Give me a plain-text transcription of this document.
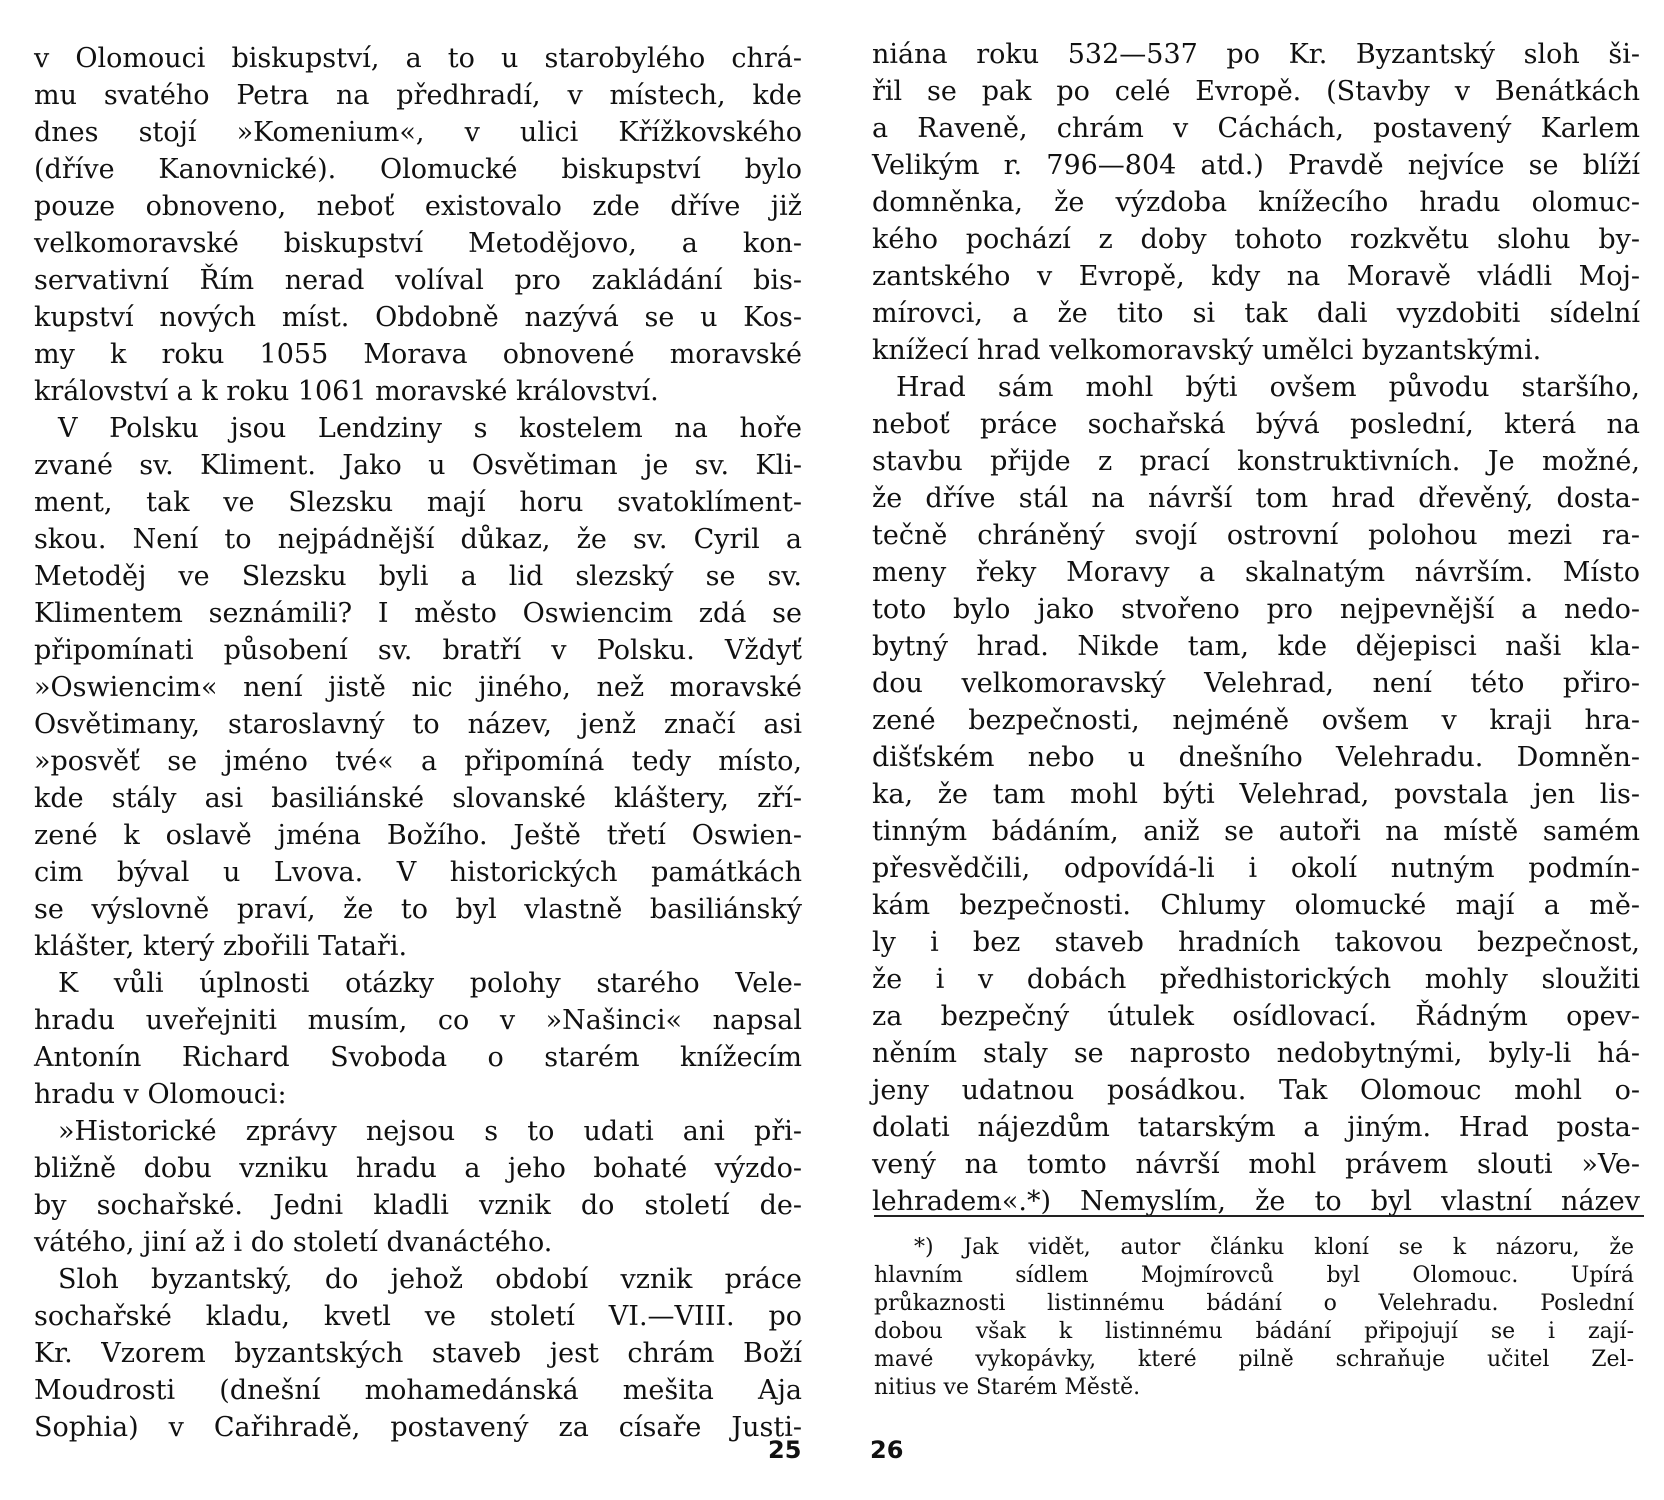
v Olomouci biskupství, a to u starobylého chrá-
mu svatého Petra na předhradí, v místech, kde
dnes stojí »Komenium«, v ulici Křížkovského
(dříve Kanovnické). Olomucké biskupství bylo
pouze obnoveno, neboť existovalo zde dříve již
velkomoravské biskupství Metodějovo, a kon-
servativní Řím nerad volíval pro zakládání bis-
kupství nových míst. Obdobně nazývá se u Kos-
my k roku 1055 Morava obnovené moravské
království a k roku 1061 moravské království.
V Polsku jsou Lendziny s kostelem na hoře
zvané sv. Kliment. Jako u Osvětiman je sv. Kli-
ment, tak ve Slezsku mají horu svatoklíment-
skou. Není to nejpádnější důkaz, že sv. Cyril a
Metoděj ve Slezsku byli a lid slezský se sv.
Klimentem seznámili? I město Oswiencim zdá se
připomínati působení sv. bratří v Polsku. Vždyť
»Oswiencim« není jistě nic jiného, než moravské
Osvětimany, staroslavný to název, jenž značí asi
»posvěť se jméno tvé« a připomíná tedy místo,
kde stály asi basiliánské slovanské kláštery, zří-
zené k oslavě jména Božího. Ještě třetí Oswien-
cim býval u Lvova. V historických památkách
se výslovně praví, že to byl vlastně basiliánský
klášter, který zbořili Tataři.
K vůli úplnosti otázky polohy starého Vele-
hradu uveřejniti musím, co v »Našinci« napsal
Antonín Richard Svoboda o starém knížecím
hradu v Olomouci:
»Historické zprávy nejsou s to udati ani při-
bližně dobu vzniku hradu a jeho bohaté výzdo-
by sochařské. Jedni kladli vznik do století de-
vátého, jiní až i do století dvanáctého.
Sloh byzantský, do jehož období vznik práce
sochařské kladu, kvetl ve století VI.—VIII. po
Kr. Vzorem byzantských staveb jest chrám Boží
Moudrosti (dnešní mohamedánská mešita Aja
Sophia) v Cařihradě, postavený za císaře Justi-
25
niána roku 532—537 po Kr. Byzantský sloh ši-
řil se pak po celé Evropě. (Stavby v Benátkách
a Raveně, chrám v Cáchách, postavený Karlem
Velikým r. 796—804 atd.) Pravdě nejvíce se blíží
domněnka, že výzdoba knížecího hradu olomuc-
kého pochází z doby tohoto rozkvětu slohu by-
zantského v Evropě, kdy na Moravě vládli Moj-
mírovci, a že tito si tak dali vyzdobiti sídelní
knížecí hrad velkomoravský umělci byzantskými.
Hrad sám mohl býti ovšem původu staršího,
neboť práce sochařská bývá poslední, která na
stavbu přijde z prací konstruktivních. Je možné,
že dříve stál na návrší tom hrad dřevěný, dosta-
tečně chráněný svojí ostrovní polohou mezi ra-
meny řeky Moravy a skalnatým návrším. Místo
toto bylo jako stvořeno pro nejpevnější a nedo-
bytný hrad. Nikde tam, kde dějepisci naši kla-
dou velkomoravský Velehrad, není této přiro-
zené bezpečnosti, nejméně ovšem v kraji hra-
dišťském nebo u dnešního Velehradu. Domněn-
ka, že tam mohl býti Velehrad, povstala jen lis-
tinným bádáním, aniž se autoři na místě samém
přesvědčili, odpovídá-li i okolí nutným podmín-
kám bezpečnosti. Chlumy olomucké mají a mě-
ly i bez staveb hradních takovou bezpečnost,
že i v dobách předhistorických mohly sloužiti
za bezpečný útulek osídlovací. Řádným opev-
něním staly se naprosto nedobytnými, byly-li há-
jeny udatnou posádkou. Tak Olomouc mohl o-
dolati nájezdům tatarským a jiným. Hrad posta-
vený na tomto návrší mohl právem slouti »Ve-
lehradem«.*) Nemyslím, že to byl vlastní název
*) Jak vidět, autor článku kloní se k názoru, že
hlavním sídlem Mojmírovců byl Olomouc. Upírá
průkaznosti listinnému bádání o Velehradu. Poslední
dobou však k listinnému bádání připojují se i zají-
mavé vykopávky, které pilně schraňuje učitel Zel-
nitius ve Starém Městě.
26
